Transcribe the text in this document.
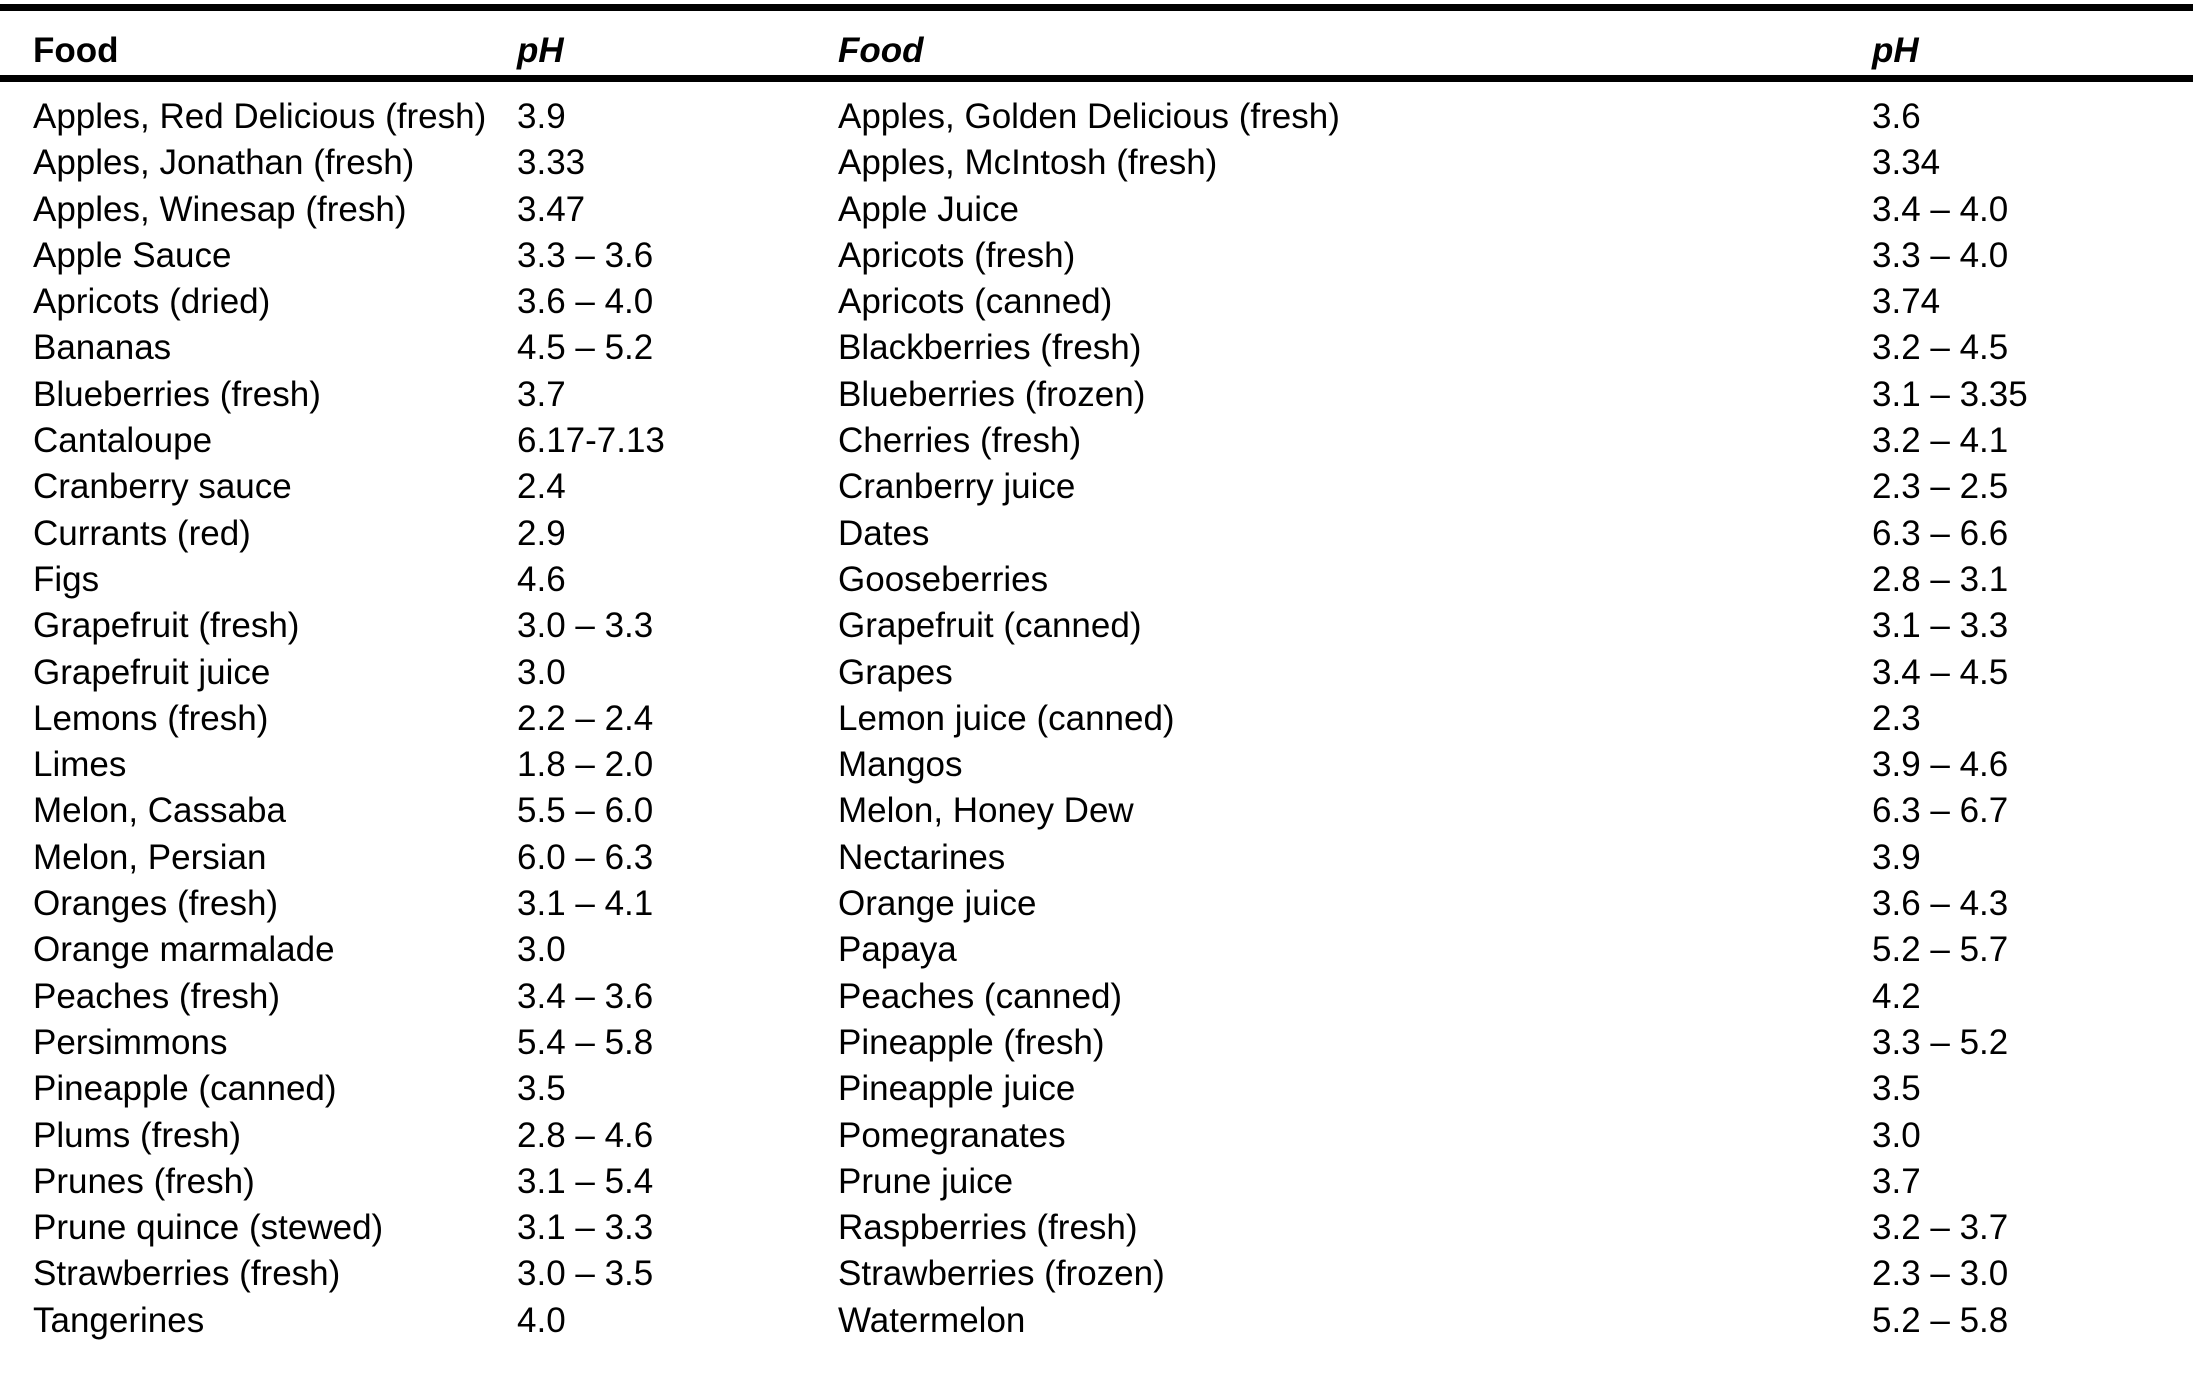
Food	pH	Food	pH
Apples, Red Delicious (fresh) 3.9	Apples, Golden Delicious (fresh)	3.6
Apples, Jonathan (fresh)	3.33	Apples, McIntosh (fresh)	3.34
Apples, Winesap (fresh)	3.47	Apple Juice	3.4 – 4.0
Apple Sauce	3.3 – 3.6	Apricots (fresh)	3.3 – 4.0
Apricots (dried)	3.6 – 4.0	Apricots (canned)	3.74
Bananas	4.5 – 5.2	Blackberries (fresh)	3.2 – 4.5
Blueberries (fresh)	3.7	Blueberries (frozen)	3.1 – 3.35
Cantaloupe	6.17-7.13	Cherries (fresh)	3.2 – 4.1
Cranberry sauce	2.4	Cranberry juice	2.3 – 2.5
Currants (red)	2.9	Dates	6.3 – 6.6
Figs	4.6	Gooseberries	2.8 – 3.1
Grapefruit (fresh)	3.0 – 3.3	Grapefruit (canned)	3.1 – 3.3
Grapefruit juice	3.0	Grapes	3.4 – 4.5
Lemons (fresh)	2.2 – 2.4	Lemon juice (canned)	2.3
Limes	1.8 – 2.0	Mangos	3.9 – 4.6
Melon, Cassaba	5.5 – 6.0	Melon, Honey Dew	6.3 – 6.7
Melon, Persian	6.0 – 6.3	Nectarines	3.9
Oranges (fresh)	3.1 – 4.1	Orange juice	3.6 – 4.3
Orange marmalade	3.0	Papaya	5.2 – 5.7
Peaches (fresh)	3.4 – 3.6	Peaches (canned)	4.2
Persimmons	5.4 – 5.8	Pineapple (fresh)	3.3 – 5.2
Pineapple (canned)	3.5	Pineapple juice	3.5
Plums (fresh)	2.8 – 4.6	Pomegranates	3.0
Prunes (fresh)	3.1 – 5.4	Prune juice	3.7
Prune quince (stewed)	3.1 – 3.3	Raspberries (fresh)	3.2 – 3.7
Strawberries (fresh)	3.0 – 3.5	Strawberries (frozen)	2.3 – 3.0
Tangerines	4.0	Watermelon	5.2 – 5.8
